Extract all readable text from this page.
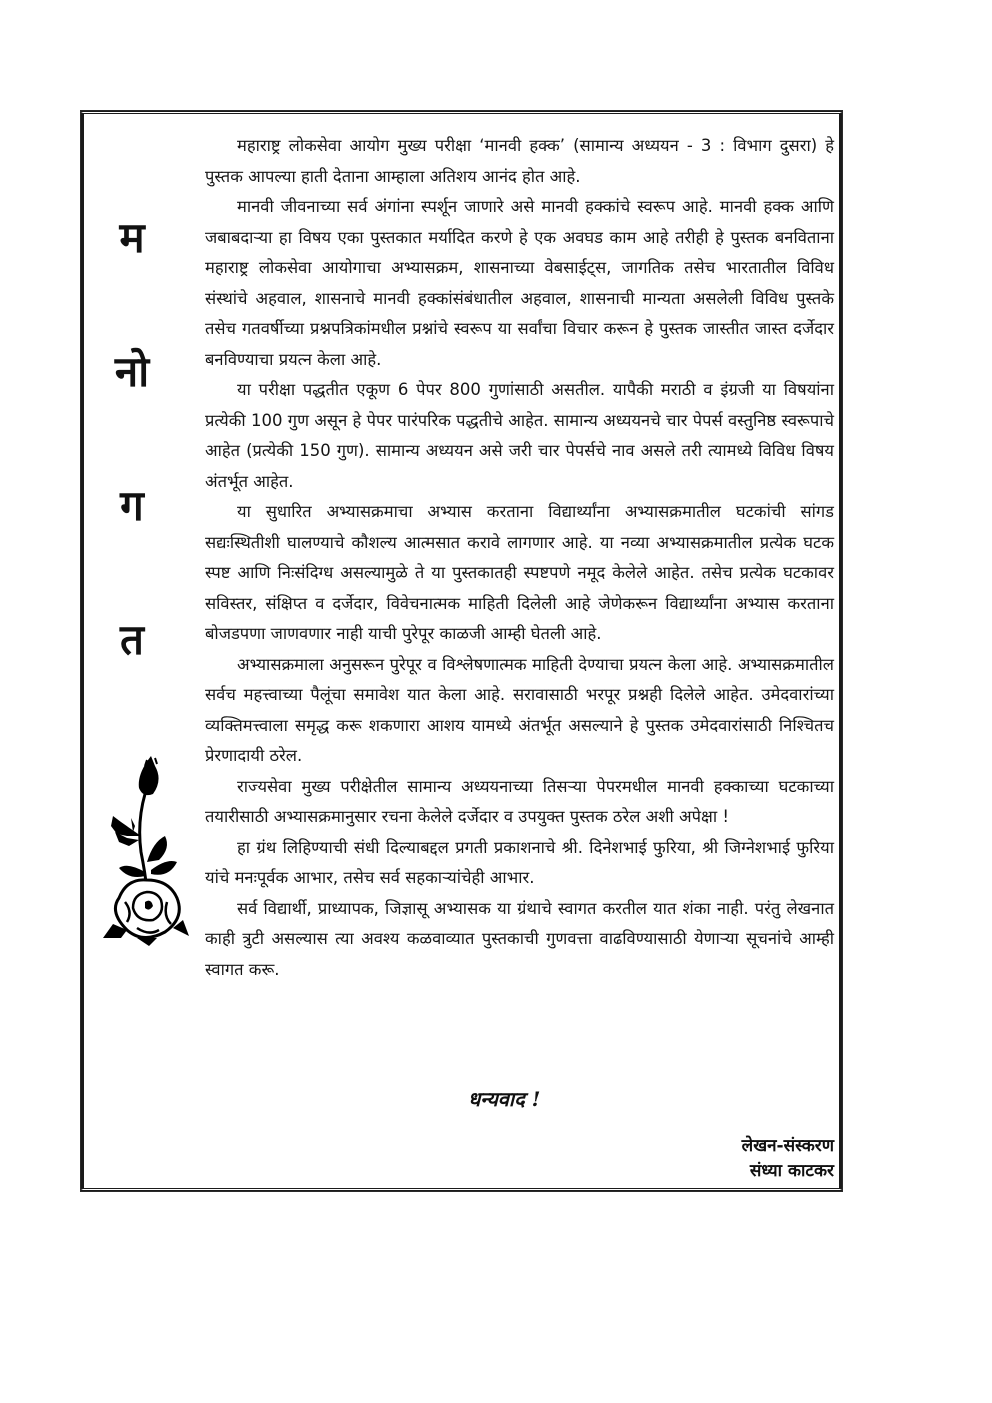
म
नो
ग
त

महाराष्ट्र लोकसेवा आयोग मुख्य परीक्षा ‘मानवी हक्क’ (सामान्य अध्ययन - 3 : विभाग दुसरा) हे पुस्तक आपल्या हाती देताना आम्हाला अतिशय आनंद होत आहे.

मानवी जीवनाच्या सर्व अंगांना स्पर्शून जाणारे असे मानवी हक्कांचे स्वरूप आहे. मानवी हक्क आणि जबाबदाऱ्या हा विषय एका पुस्तकात मर्यादित करणे हे एक अवघड काम आहे तरीही हे पुस्तक बनविताना महाराष्ट्र लोकसेवा आयोगाचा अभ्यासक्रम, शासनाच्या वेबसाईट्स, जागतिक तसेच भारतातील विविध संस्थांचे अहवाल, शासनाचे मानवी हक्कांसंबंधातील अहवाल, शासनाची मान्यता असलेली विविध पुस्तके तसेच गतवर्षीच्या प्रश्नपत्रिकांमधील प्रश्नांचे स्वरूप या सर्वांचा विचार करून हे पुस्तक जास्तीत जास्त दर्जेदार बनविण्याचा प्रयत्न केला आहे.

या परीक्षा पद्धतीत एकूण 6 पेपर 800 गुणांसाठी असतील. यापैकी मराठी व इंग्रजी या विषयांना प्रत्येकी 100 गुण असून हे पेपर पारंपरिक पद्धतीचे आहेत. सामान्य अध्ययनचे चार पेपर्स वस्तुनिष्ठ स्वरूपाचे आहेत (प्रत्येकी 150 गुण). सामान्य अध्ययन असे जरी चार पेपर्सचे नाव असले तरी त्यामध्ये विविध विषय अंतर्भूत आहेत.

या सुधारित अभ्यासक्रमाचा अभ्यास करताना विद्यार्थ्यांना अभ्यासक्रमातील घटकांची सांगड सद्यःस्थितीशी घालण्याचे कौशल्य आत्मसात करावे लागणार आहे. या नव्या अभ्यासक्रमातील प्रत्येक घटक स्पष्ट आणि निःसंदिग्ध असल्यामुळे ते या पुस्तकातही स्पष्टपणे नमूद केलेले आहेत. तसेच प्रत्येक घटकावर सविस्तर, संक्षिप्त व दर्जेदार, विवेचनात्मक माहिती दिलेली आहे जेणेकरून विद्यार्थ्यांना अभ्यास करताना बोजडपणा जाणवणार नाही याची पुरेपूर काळजी आम्ही घेतली आहे.

अभ्यासक्रमाला अनुसरून पुरेपूर व विश्लेषणात्मक माहिती देण्याचा प्रयत्न केला आहे. अभ्यासक्रमातील सर्वच महत्त्वाच्या पैलूंचा समावेश यात केला आहे. सरावासाठी भरपूर प्रश्नही दिलेले आहेत. उमेदवारांच्या व्यक्तिमत्त्वाला समृद्ध करू शकणारा आशय यामध्ये अंतर्भूत असल्याने हे पुस्तक उमेदवारांसाठी निश्चितच प्रेरणादायी ठरेल.

राज्यसेवा मुख्य परीक्षेतील सामान्य अध्ययनाच्या तिसऱ्या पेपरमधील मानवी हक्काच्या घटकाच्या तयारीसाठी अभ्यासक्रमानुसार रचना केलेले दर्जेदार व उपयुक्त पुस्तक ठरेल अशी अपेक्षा !

हा ग्रंथ लिहिण्याची संधी दिल्याबद्दल प्रगती प्रकाशनाचे श्री. दिनेशभाई फुरिया, श्री जिग्नेशभाई फुरिया यांचे मनःपूर्वक आभार, तसेच सर्व सहकाऱ्यांचेही आभार.

सर्व विद्यार्थी, प्राध्यापक, जिज्ञासू अभ्यासक या ग्रंथाचे स्वागत करतील यात शंका नाही. परंतु लेखनात काही त्रुटी असल्यास त्या अवश्य कळवाव्यात पुस्तकाची गुणवत्ता वाढविण्यासाठी येणाऱ्या सूचनांचे आम्ही स्वागत करू.

धन्यवाद !
लेखन-संस्करण
संध्या काटकर
